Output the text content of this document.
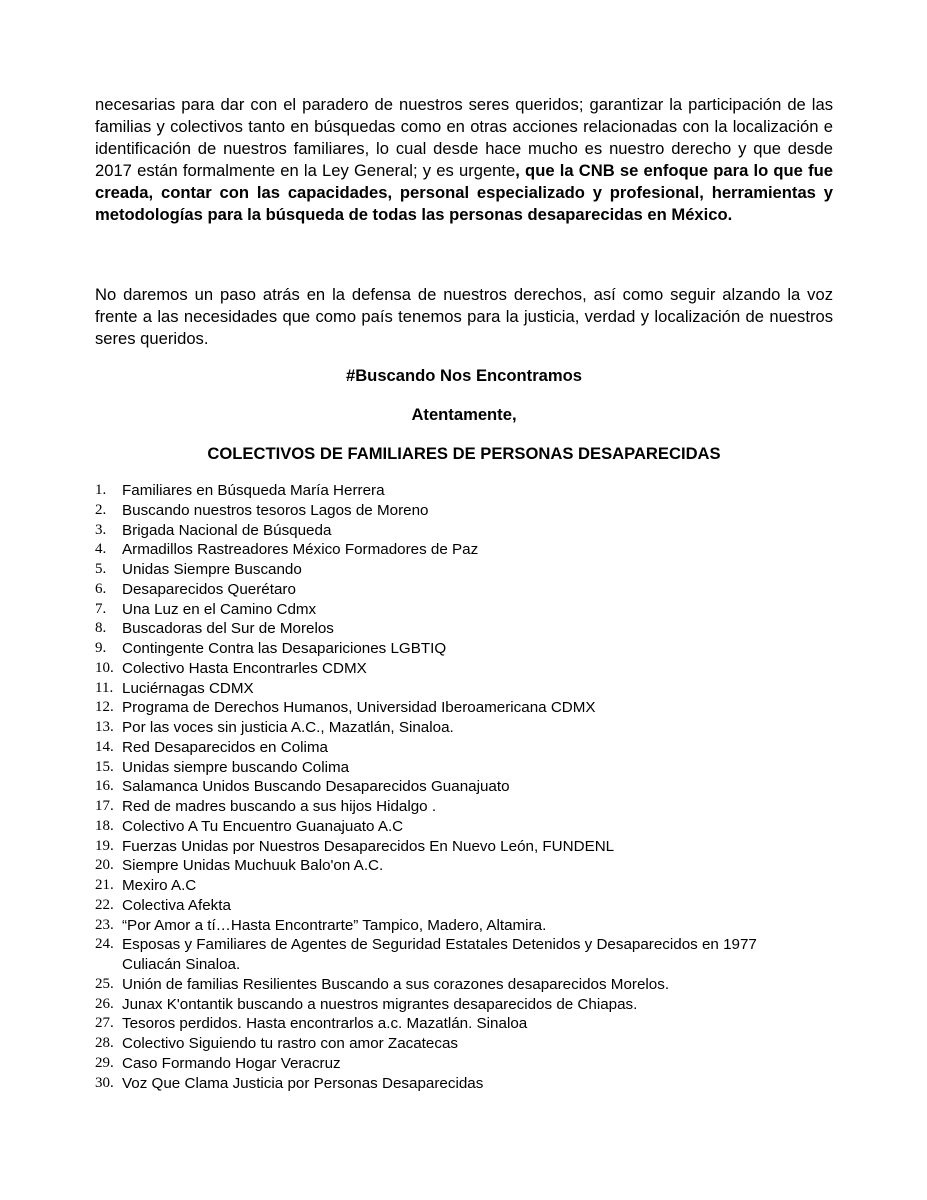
necesarias para dar con el paradero de nuestros seres queridos; garantizar la participación de las familias y colectivos tanto en búsquedas como en otras acciones relacionadas con la localización e identificación de nuestros familiares, lo cual desde hace mucho es nuestro derecho y que desde 2017 están formalmente en la Ley General; y es urgente, que la CNB se enfoque para lo que fue creada, contar con las capacidades, personal especializado y profesional, herramientas y metodologías para la búsqueda de todas las personas desaparecidas en México.

No daremos un paso atrás en la defensa de nuestros derechos, así como seguir alzando la voz frente a las necesidades que como país tenemos para la justicia, verdad y localización de nuestros seres queridos.

#Buscando Nos Encontramos

Atentamente,

COLECTIVOS DE FAMILIARES DE PERSONAS DESAPARECIDAS

1. Familiares en Búsqueda María Herrera
2. Buscando nuestros tesoros Lagos de Moreno
3. Brigada Nacional de Búsqueda
4. Armadillos Rastreadores México Formadores de Paz
5. Unidas Siempre Buscando
6. Desaparecidos Querétaro
7. Una Luz en el Camino Cdmx
8. Buscadoras del Sur de Morelos
9. Contingente Contra las Desapariciones LGBTIQ
10. Colectivo Hasta Encontrarles CDMX
11. Luciérnagas CDMX
12. Programa de Derechos Humanos, Universidad Iberoamericana CDMX
13. Por las voces sin justicia A.C., Mazatlán, Sinaloa.
14. Red Desaparecidos en Colima
15. Unidas siempre buscando Colima
16. Salamanca Unidos Buscando Desaparecidos Guanajuato
17. Red de madres buscando a sus hijos Hidalgo .
18. Colectivo A Tu Encuentro Guanajuato A.C
19. Fuerzas Unidas por Nuestros Desaparecidos En Nuevo León, FUNDENL
20. Siempre Unidas Muchuuk Balo'on A.C.
21. Mexiro A.C
22. Colectiva Afekta
23. “Por Amor a tí…Hasta Encontrarte” Tampico, Madero, Altamira.
24. Esposas y Familiares de Agentes de Seguridad Estatales Detenidos y Desaparecidos en 1977
Culiacán Sinaloa.
25. Unión de familias Resilientes Buscando a sus corazones desaparecidos Morelos.
26. Junax K'ontantik buscando a nuestros migrantes desaparecidos de Chiapas.
27. Tesoros perdidos. Hasta encontrarlos a.c. Mazatlán. Sinaloa
28. Colectivo Siguiendo tu rastro con amor Zacatecas
29. Caso Formando Hogar Veracruz
30. Voz Que Clama Justicia por Personas Desaparecidas
